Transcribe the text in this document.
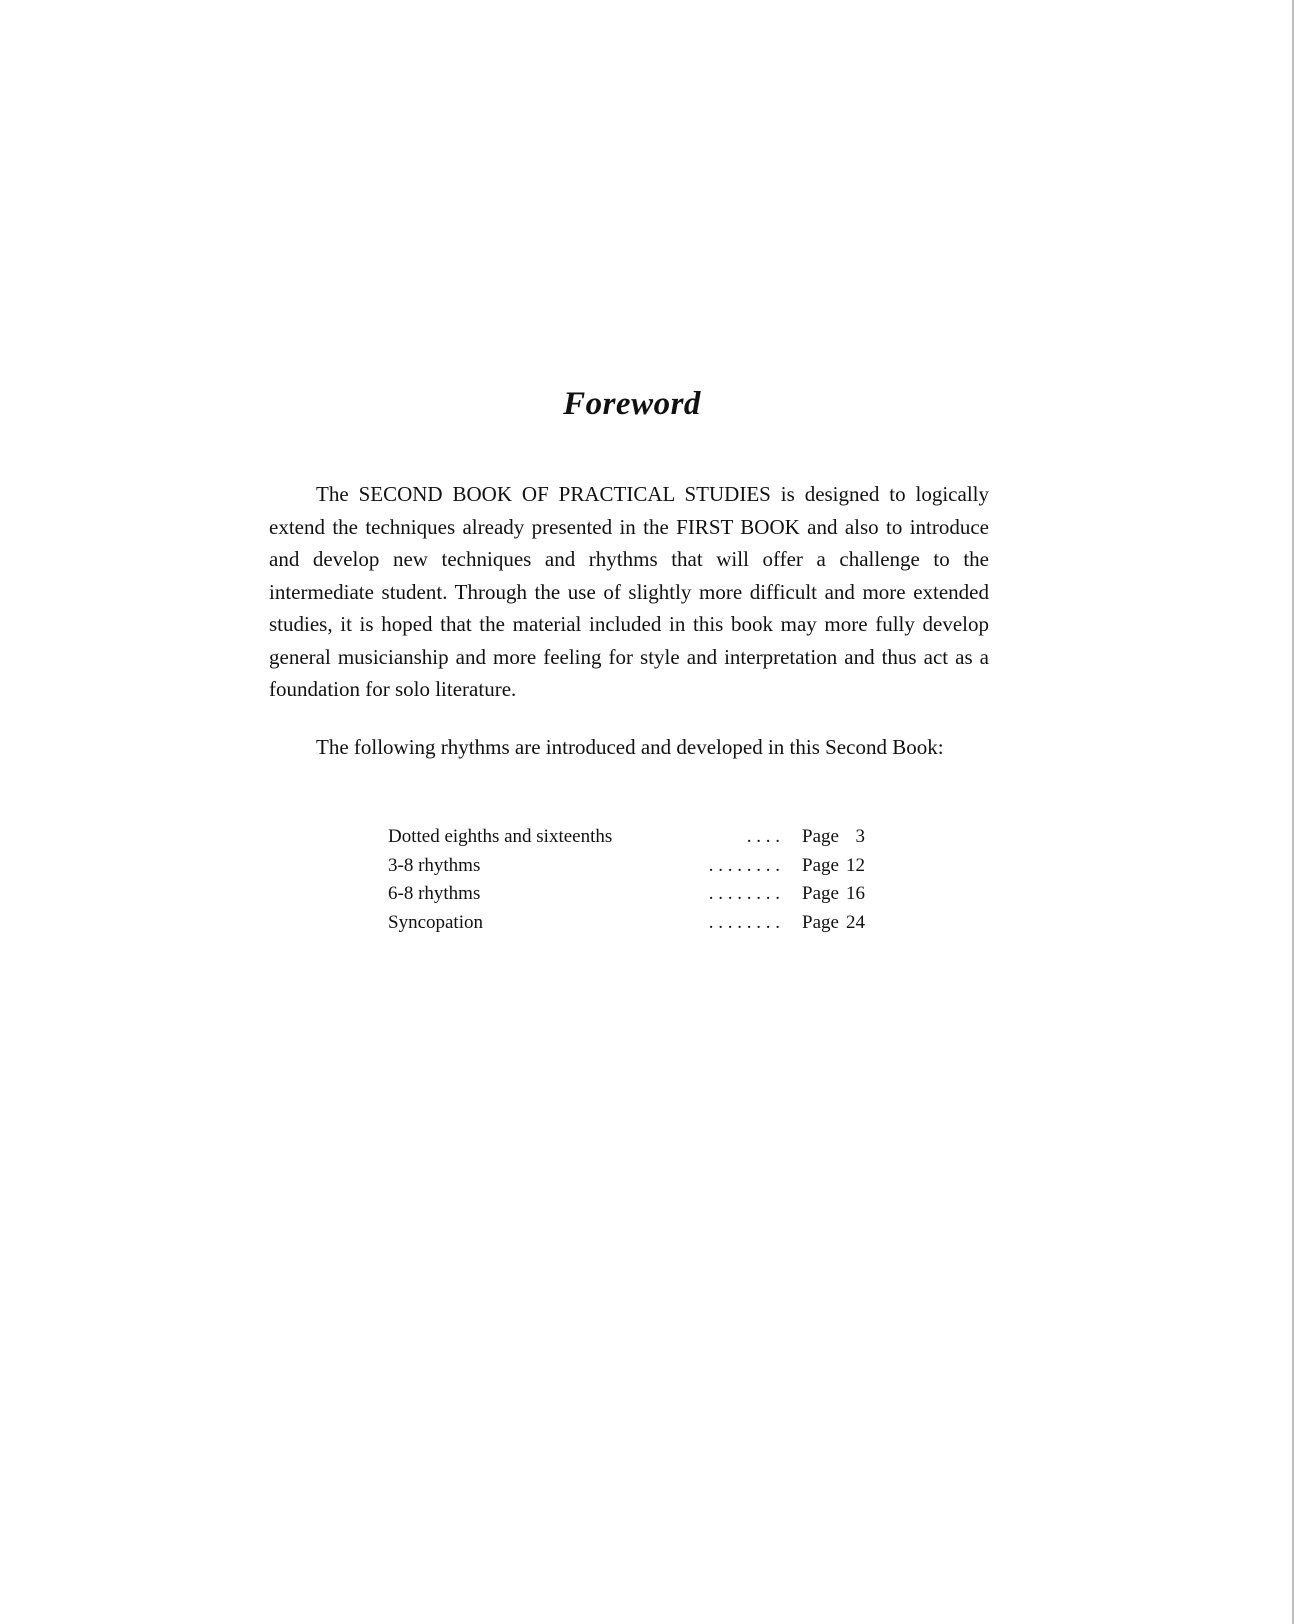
Foreword

The SECOND BOOK OF PRACTICAL STUDIES is designed to logically extend the techniques already presented in the FIRST BOOK and also to introduce and develop new techniques and rhythms that will offer a challenge to the intermediate student. Through the use of slightly more difficult and more extended studies, it is hoped that the material included in this book may more fully develop general musicianship and more feeling for style and interpretation and thus act as a foundation for solo literature.

The following rhythms are introduced and developed in this Second Book:

Dotted eighths and sixteenths	. . . . Page 3
3-8 rhythms	. . . . . . . . Page 12
6-8 rhythms	. . . . . . . . Page 16
Syncopation	. . . . . . . . Page 24
